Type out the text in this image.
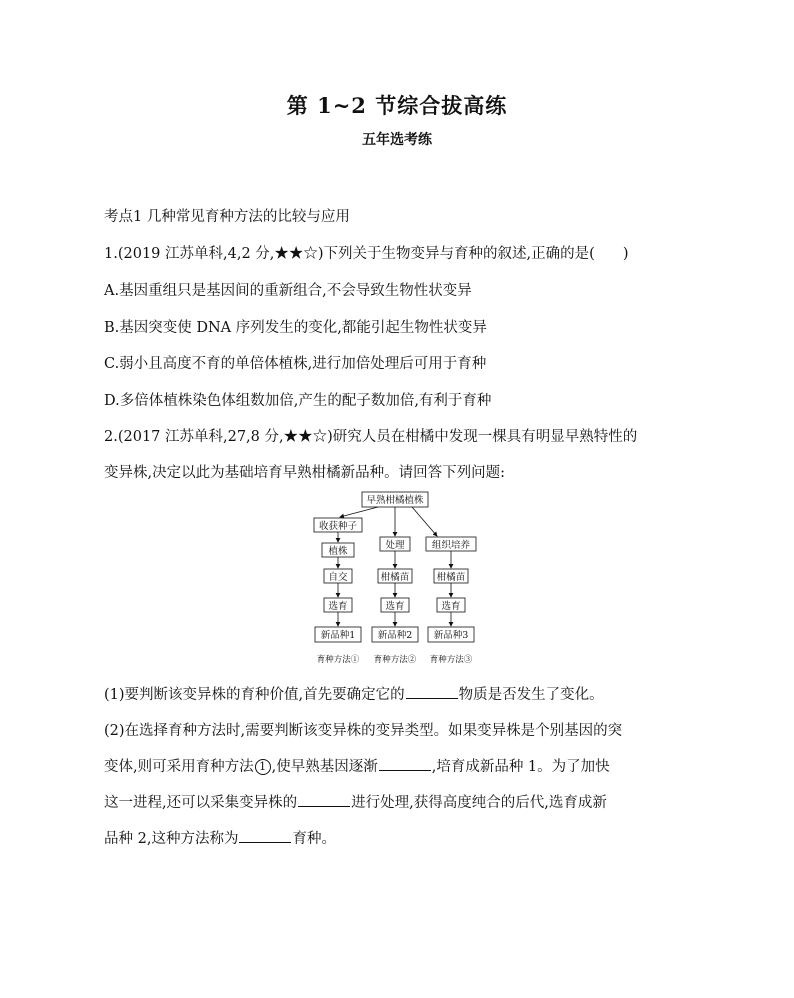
第 1~2 节综合拔高练
五年选考练
考点1 几种常见育种方法的比较与应用
1.(2019 江苏单科,4,2 分,★★☆)下列关于生物变异与育种的叙述,正确的是( )
A.基因重组只是基因间的重新组合,不会导致生物性状变异
B.基因突变使 DNA 序列发生的变化,都能引起生物性状变异
C.弱小且高度不育的单倍体植株,进行加倍处理后可用于育种
D.多倍体植株染色体组数加倍,产生的配子数加倍,有利于育种
2.(2017 江苏单科,27,8 分,★★☆)研究人员在柑橘中发现一棵具有明显早熟特性的
变异株,决定以此为基础培育早熟柑橘新品种。请回答下列问题:
早熟柑橘植株
收获种子
植株
自交
选育
新品种1
处理
柑橘苗
选育
新品种2
组织培养
柑橘苗
选育
新品种3
育种方法① 育种方法② 育种方法③
(1)要判断该变异株的育种价值,首先要确定它的	物质是否发生了变化。
(2)在选择育种方法时,需要判断该变异株的变异类型。如果变异株是个别基因的突
变体,则可采用育种方法 1 ,使早熟基因逐渐	,培育成新品种 1。为了加快
这一进程,还可以采集变异株的	进行处理,获得高度纯合的后代,选育成新
品种 2,这种方法称为	育种。
